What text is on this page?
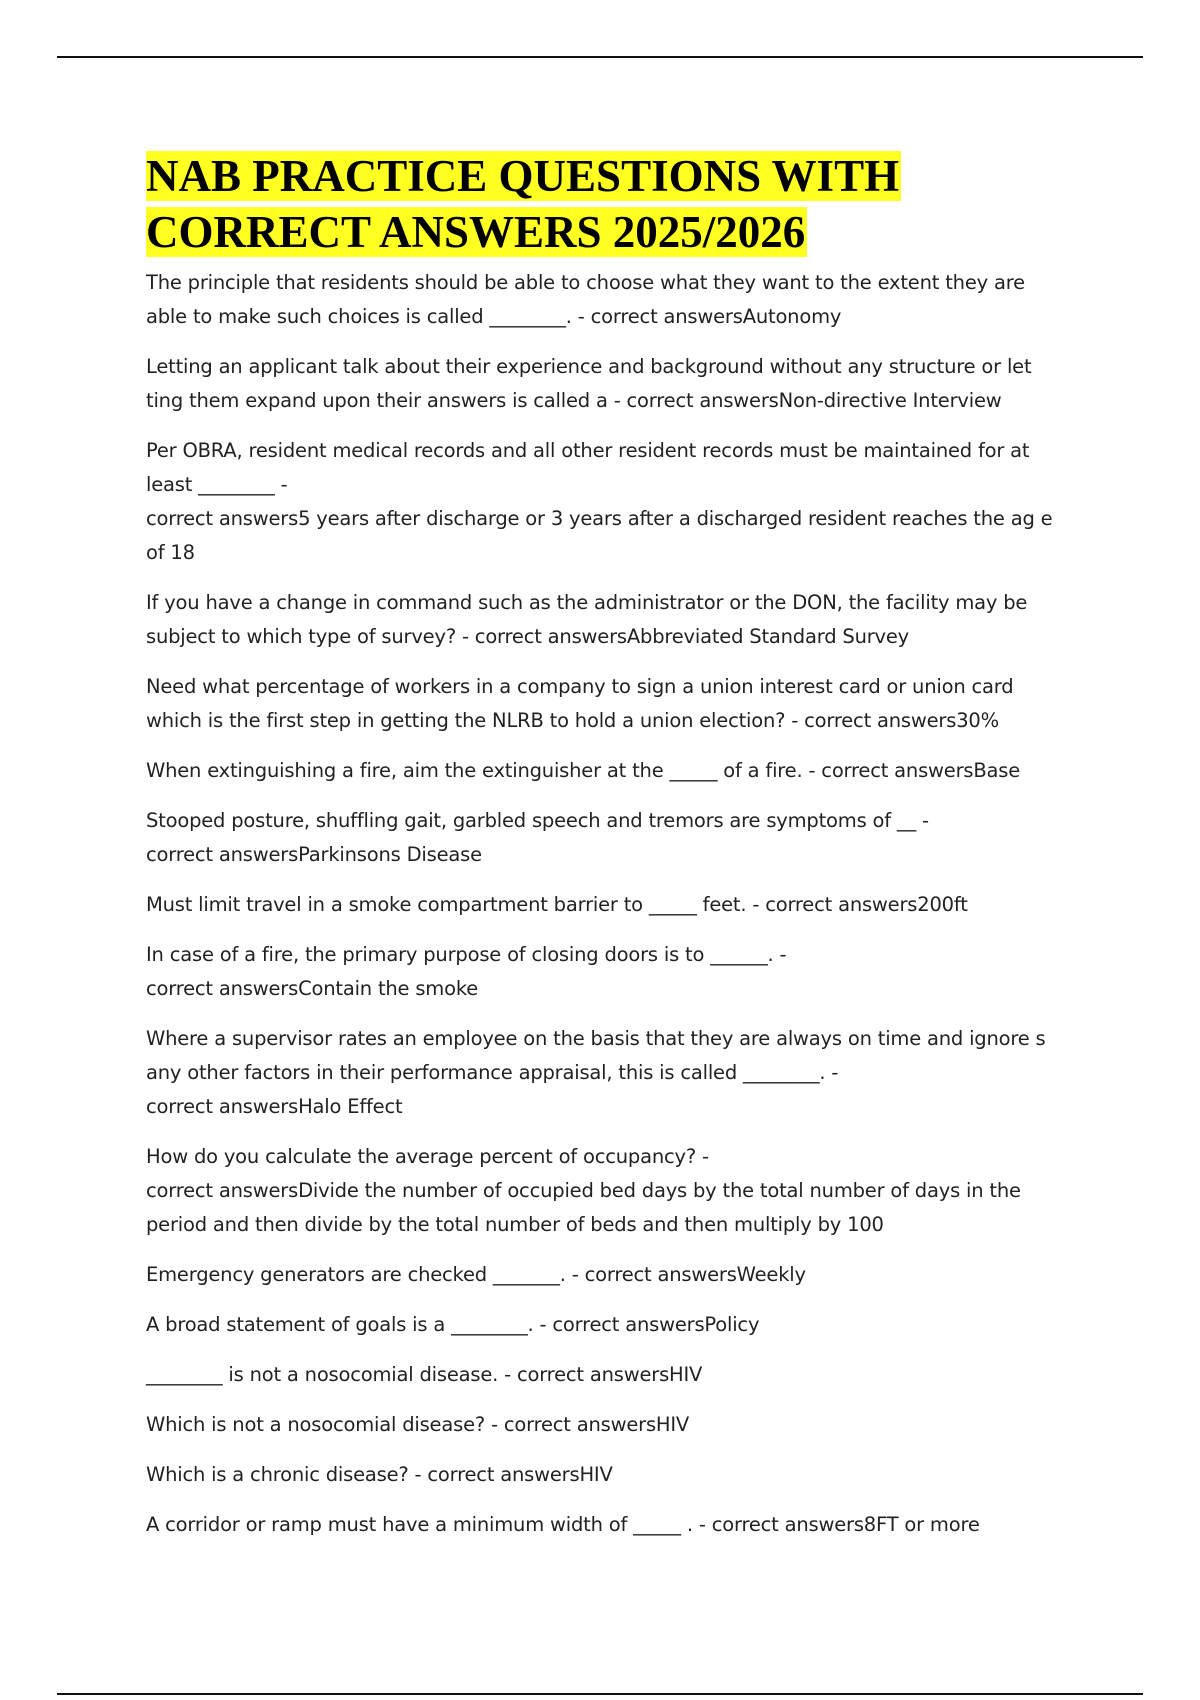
NAB PRACTICE QUESTIONS WITH CORRECT ANSWERS 2025/2026

The principle that residents should be able to choose what they want to the extent they are able to make such choices is called ________. - correct answersAutonomy

Letting an applicant talk about their experience and background without any structure or let ting them expand upon their answers is called a - correct answersNon-directive Interview

Per OBRA, resident medical records and all other resident records must be maintained for at
least ________ -
correct answers5 years after discharge or 3 years after a discharged resident reaches the ag e of 18

If you have a change in command such as the administrator or the DON, the facility may be subject to which type of survey? - correct answersAbbreviated Standard Survey

Need what percentage of workers in a company to sign a union interest card or union card which is the first step in getting the NLRB to hold a union election? - correct answers30%

When extinguishing a fire, aim the extinguisher at the _____ of a fire. - correct answersBase

Stooped posture, shuffling gait, garbled speech and tremors are symptoms of __ -
correct answersParkinsons Disease

Must limit travel in a smoke compartment barrier to _____ feet. - correct answers200ft

In case of a fire, the primary purpose of closing doors is to ______. -
correct answersContain the smoke

Where a supervisor rates an employee on the basis that they are always on time and ignore s any other factors in their performance appraisal, this is called ________. -
correct answersHalo Effect

How do you calculate the average percent of occupancy? -
correct answersDivide the number of occupied bed days by the total number of days in the period and then divide by the total number of beds and then multiply by 100

Emergency generators are checked _______. - correct answersWeekly

A broad statement of goals is a ________. - correct answersPolicy

________ is not a nosocomial disease. - correct answersHIV

Which is not a nosocomial disease? - correct answersHIV

Which is a chronic disease? - correct answersHIV

A corridor or ramp must have a minimum width of _____ . - correct answers8FT or more
